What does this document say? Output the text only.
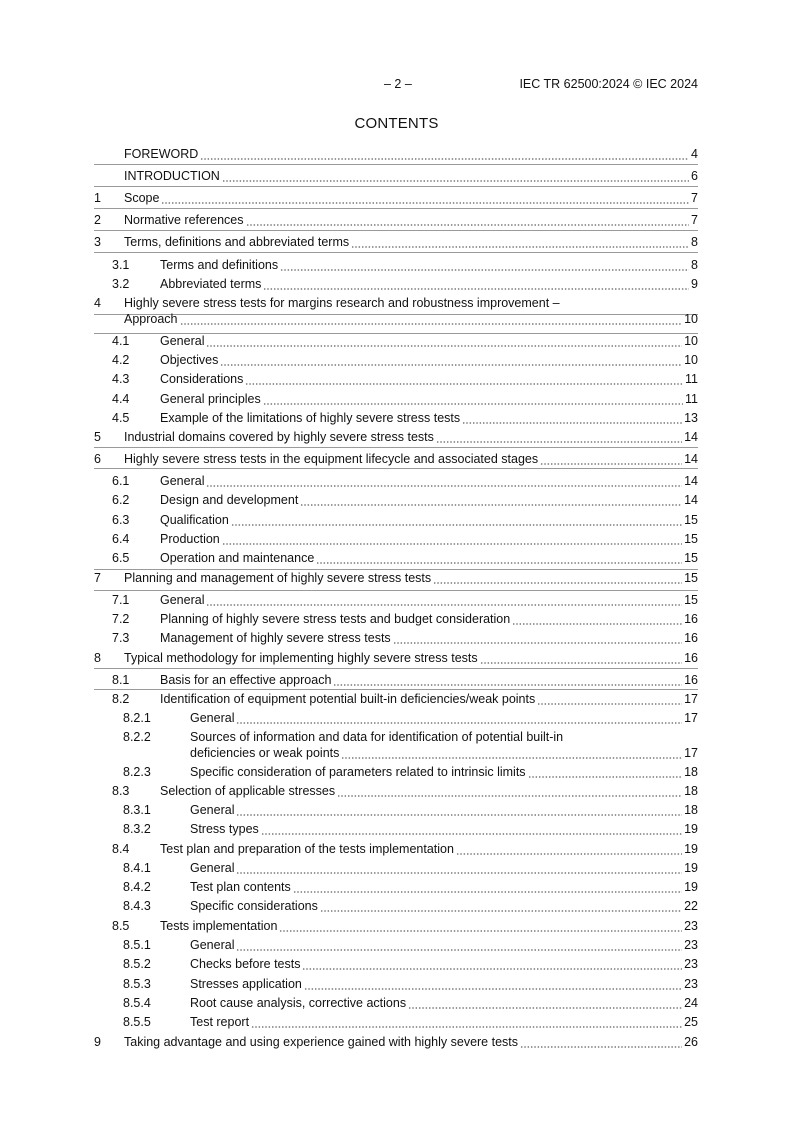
– 2 –	IEC TR 62500:2024 © IEC 2024
CONTENTS
FOREWORD	4
INTRODUCTION	6
1 Scope	7
2 Normative references	7
3 Terms, definitions and abbreviated terms	8
3.1 Terms and definitions	8
3.2 Abbreviated terms	9
4 Highly severe stress tests for margins research and robustness improvement –
Approach	10
4.1 General	10
4.2 Objectives	10
4.3 Considerations	11
4.4 General principles	11
4.5 Example of the limitations of highly severe stress tests	13
5 Industrial domains covered by highly severe stress tests	14
6 Highly severe stress tests in the equipment lifecycle and associated stages	14
6.1 General	14
6.2 Design and development	14
6.3 Qualification	15
6.4 Production	15
6.5 Operation and maintenance	15
7 Planning and management of highly severe stress tests	15
7.1 General	15
7.2 Planning of highly severe stress tests and budget consideration	16
7.3 Management of highly severe stress tests	16
8 Typical methodology for implementing highly severe stress tests	16
8.1 Basis for an effective approach	16
8.2 Identification of equipment potential built-in deficiencies/weak points	17
8.2.1	General	17
8.2.2	Sources of information and data for identification of potential built-in
deficiencies or weak points	17
8.2.3	Specific consideration of parameters related to intrinsic limits	18
8.3 Selection of applicable stresses	18
8.3.1	General	18
8.3.2	Stress types	19
8.4 Test plan and preparation of the tests implementation	19
8.4.1	General	19
8.4.2	Test plan contents	19
8.4.3	Specific considerations	22
8.5 Tests implementation	23
8.5.1	General	23
8.5.2	Checks before tests	23
8.5.3	Stresses application	23
8.5.4	Root cause analysis, corrective actions	24
8.5.5	Test report	25
9 Taking advantage and using experience gained with highly severe tests	26
